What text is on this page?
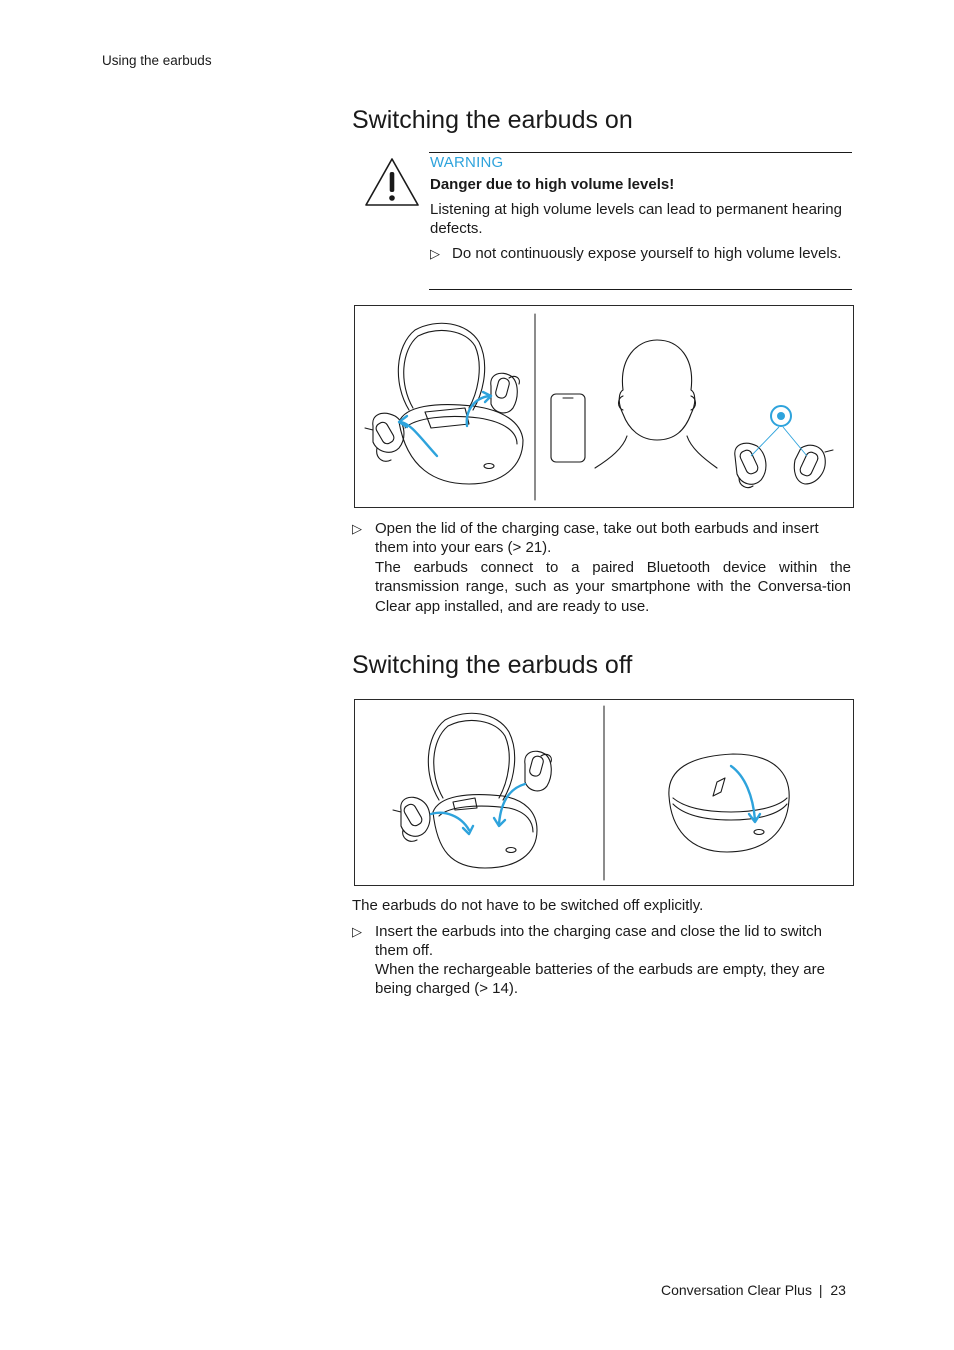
Using the earbuds
Switching the earbuds on
WARNING
Danger due to high volume levels!
Listening at high volume levels can lead to permanent hearing defects.
▷ Do not continuously expose yourself to high volume levels.
▷ Open the lid of the charging case, take out both earbuds and insert them into your ears (> 21).
The earbuds connect to a paired Bluetooth device within the transmission range, such as your smartphone with the Conversa-tion Clear app installed, and are ready to use.
Switching the earbuds off
The earbuds do not have to be switched off explicitly.
▷ Insert the earbuds into the charging case and close the lid to switch them off.
When the rechargeable batteries of the earbuds are empty, they are being charged (> 14).
Conversation Clear Plus | 23
